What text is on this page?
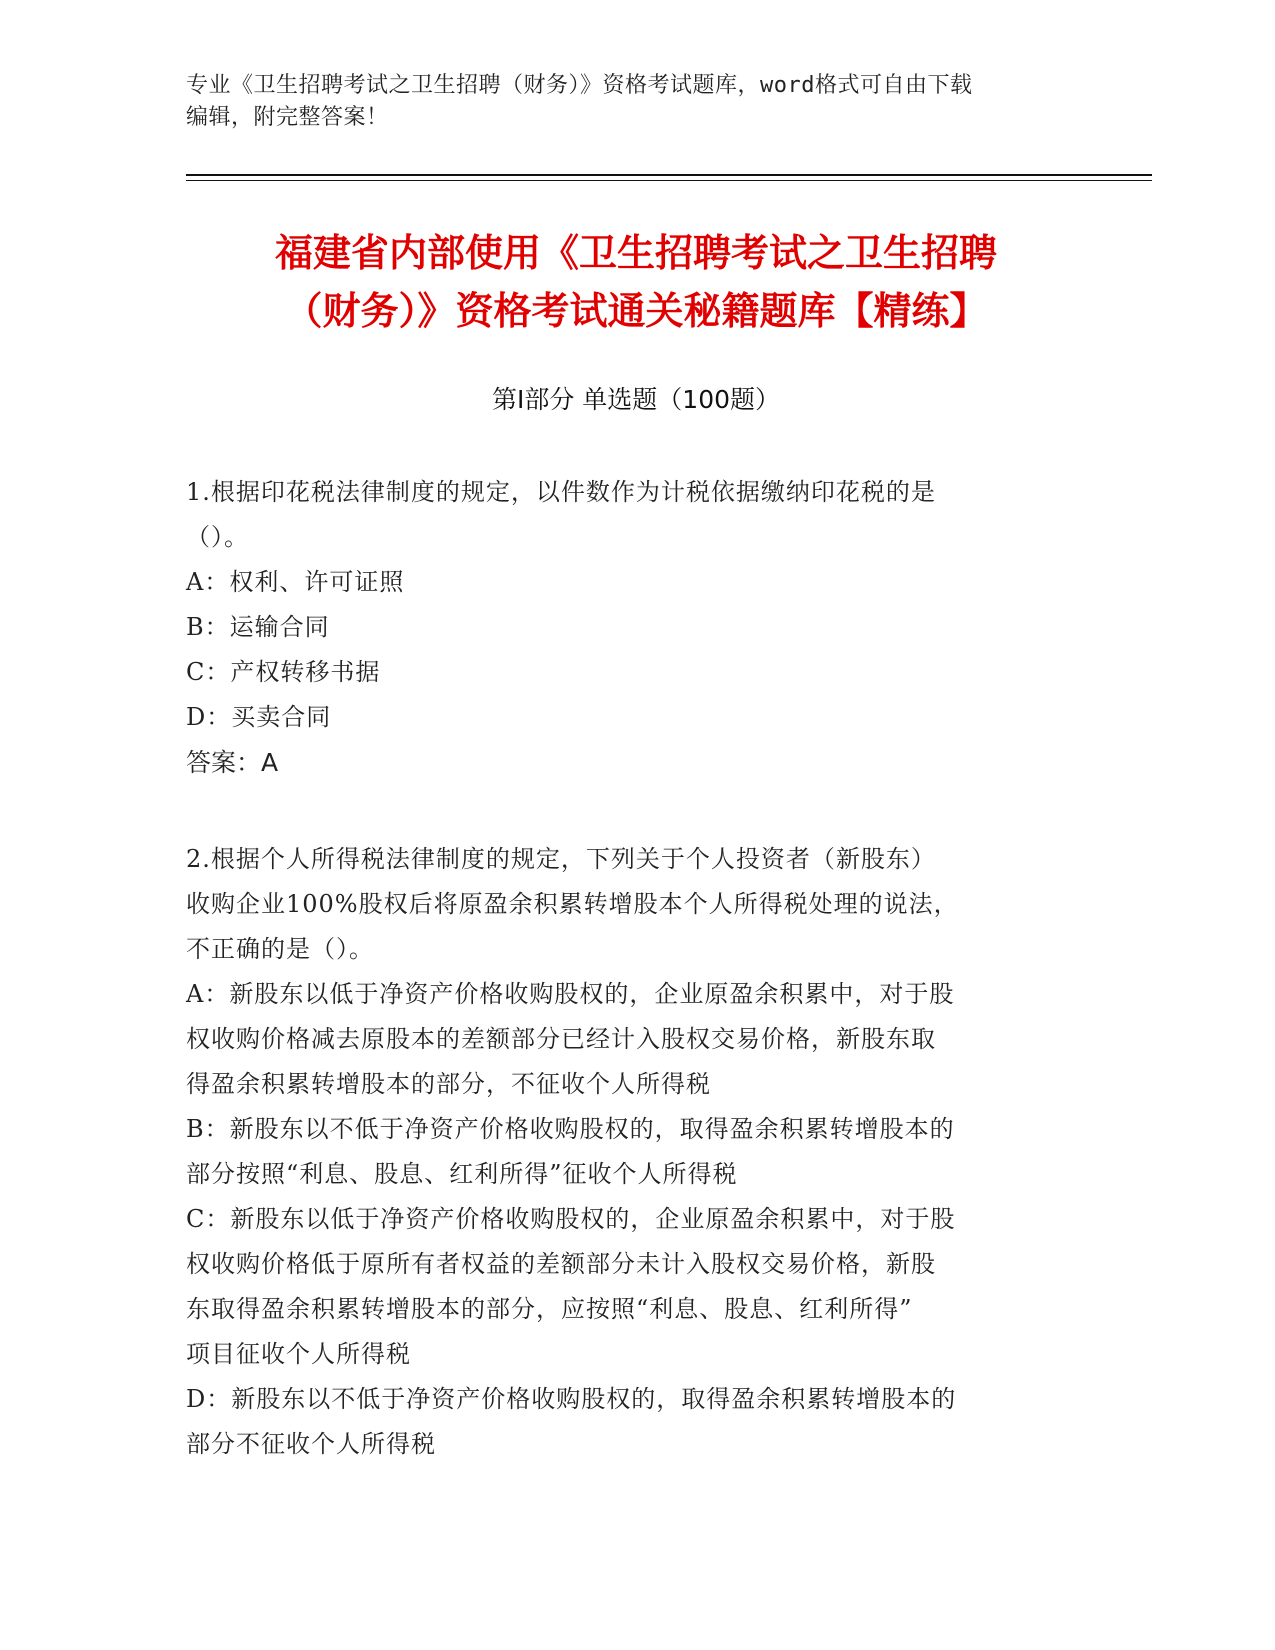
专业《卫生招聘考试之卫生招聘（财务）》资格考试题库，word格式可自由下载
编辑，附完整答案！
福建省内部使用《卫生招聘考试之卫生招聘
（财务）》资格考试通关秘籍题库【精练】
第Ⅰ部分 单选题（100题）
1.根据印花税法律制度的规定，以件数作为计税依据缴纳印花税的是
（）。
A：权利、许可证照
B：运输合同
C：产权转移书据
D：买卖合同
答案：A
2.根据个人所得税法律制度的规定，下列关于个人投资者（新股东）
收购企业100%股权后将原盈余积累转增股本个人所得税处理的说法，
不正确的是（）。
A：新股东以低于净资产价格收购股权的，企业原盈余积累中，对于股
权收购价格减去原股本的差额部分已经计入股权交易价格，新股东取
得盈余积累转增股本的部分，不征收个人所得税
B：新股东以不低于净资产价格收购股权的，取得盈余积累转增股本的
部分按照“利息、股息、红利所得”征收个人所得税
C：新股东以低于净资产价格收购股权的，企业原盈余积累中，对于股
权收购价格低于原所有者权益的差额部分未计入股权交易价格，新股
东取得盈余积累转增股本的部分，应按照“利息、股息、红利所得”
项目征收个人所得税
D：新股东以不低于净资产价格收购股权的，取得盈余积累转增股本的
部分不征收个人所得税
